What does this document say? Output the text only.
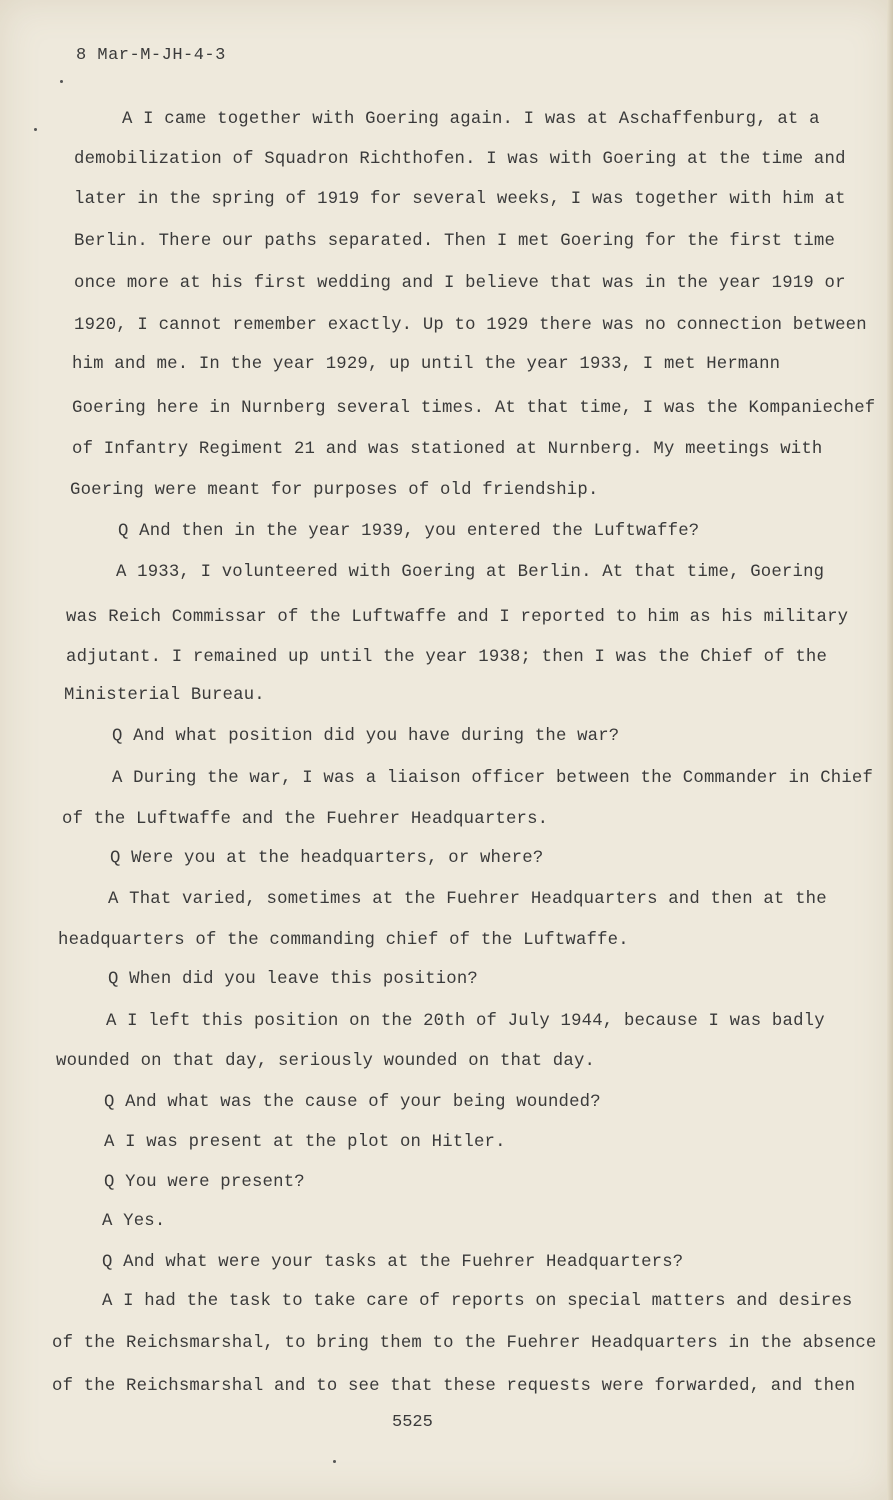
8 Mar-M-JH-4-3
A I came together with Goering again. I was at Aschaffenburg, at a
demobilization of Squadron Richthofen. I was with Goering at the time and
later in the spring of 1919 for several weeks, I was together with him at
Berlin. There our paths separated. Then I met Goering for the first time
once more at his first wedding and I believe that was in the year 1919 or
1920, I cannot remember exactly. Up to 1929 there was no connection between
him and me. In the year 1929, up until the year 1933, I met Hermann
Goering here in Nurnberg several times. At that time, I was the Kompaniechef
of Infantry Regiment 21 and was stationed at Nurnberg. My meetings with
Goering were meant for purposes of old friendship.
Q And then in the year 1939, you entered the Luftwaffe?
A 1933, I volunteered with Goering at Berlin. At that time, Goering
was Reich Commissar of the Luftwaffe and I reported to him as his military
adjutant. I remained up until the year 1938; then I was the Chief of the
Ministerial Bureau.
Q And what position did you have during the war?
A During the war, I was a liaison officer between the Commander in Chief
of the Luftwaffe and the Fuehrer Headquarters.
Q Were you at the headquarters, or where?
A That varied, sometimes at the Fuehrer Headquarters and then at the
headquarters of the commanding chief of the Luftwaffe.
Q When did you leave this position?
A I left this position on the 20th of July 1944, because I was badly
wounded on that day, seriously wounded on that day.
Q And what was the cause of your being wounded?
A I was present at the plot on Hitler.
Q You were present?
A Yes.
Q And what were your tasks at the Fuehrer Headquarters?
A I had the task to take care of reports on special matters and desires
of the Reichsmarshal, to bring them to the Fuehrer Headquarters in the absence
of the Reichsmarshal and to see that these requests were forwarded, and then
5525
